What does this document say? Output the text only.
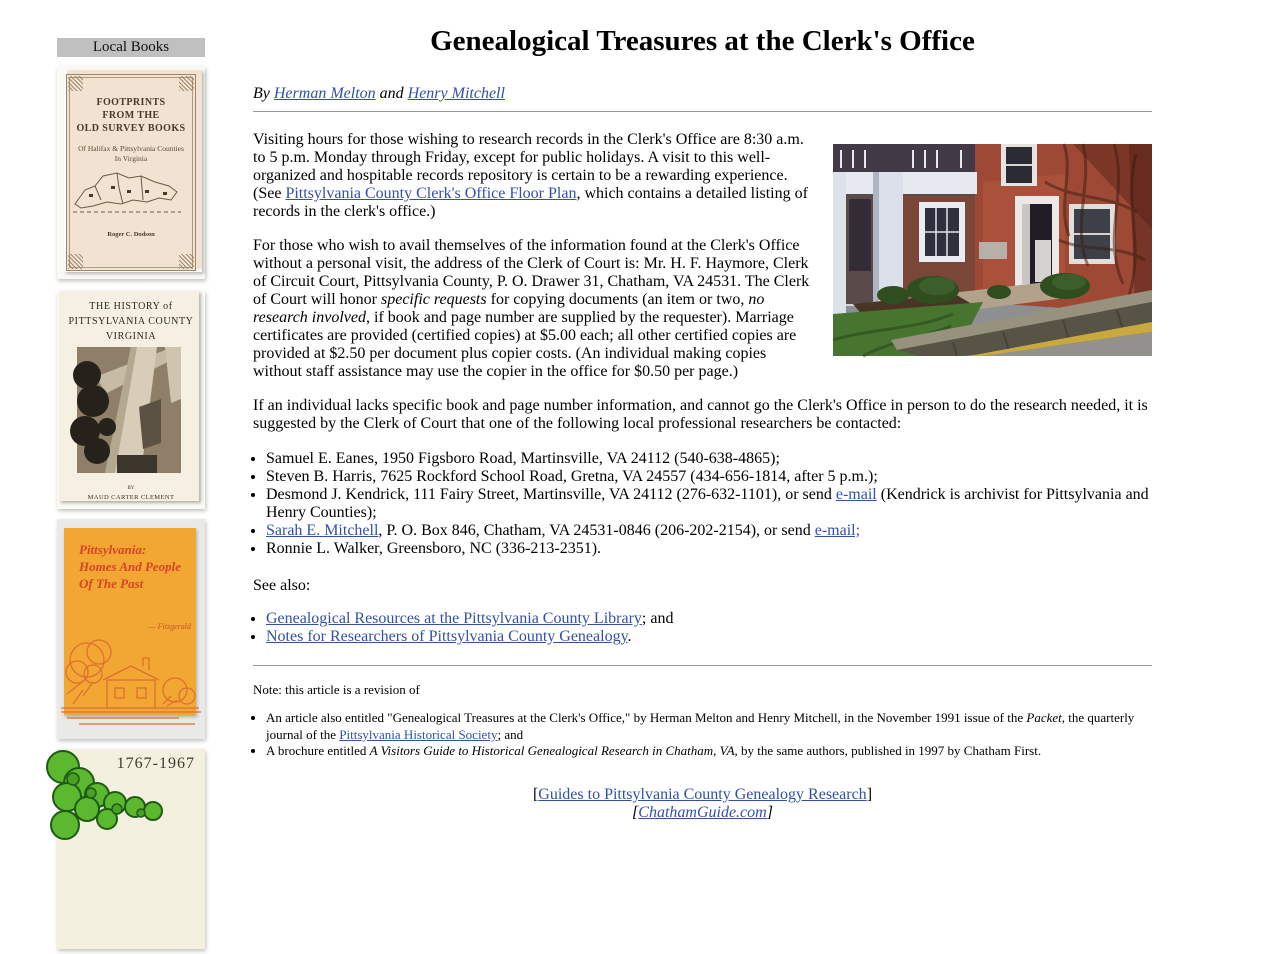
Local Books
FOOTPRINTS
FROM THE
OLD SURVEY BOOKS
Of Halifax & Pittsylvania Counties
In Virginia
Roger C. Dodson
THE HISTORY of
PITTSYLVANIA COUNTY
VIRGINIA
BY
MAUD CARTER CLEMENT
Pittsylvania:
Homes And People
Of The Past
— Fitzgerald
1767-1967
Genealogical Treasures at the Clerk's Office

By Herman Melton and Henry Mitchell

Visiting hours for those wishing to research records in the Clerk's Office are 8:30 a.m. to 5 p.m. Monday through Friday, except for public holidays. A visit to this well-organized and hospitable records repository is certain to be a rewarding experience. (See Pittsylvania County Clerk's Office Floor Plan, which contains a detailed listing of records in the clerk's office.)

For those who wish to avail themselves of the information found at the Clerk's Office without a personal visit, the address of the Clerk of Court is: Mr. H. F. Haymore, Clerk of Circuit Court, Pittsylvania County, P. O. Drawer 31, Chatham, VA 24531. The Clerk of Court will honor specific requests for copying documents (an item or two, no research involved, if book and page number are supplied by the requester). Marriage certificates are provided (certified copies) at $5.00 each; all other certified copies are provided at $2.50 per document plus copier costs. (An individual making copies without staff assistance may use the copier in the office for $0.50 per page.)

If an individual lacks specific book and page number information, and cannot go the Clerk's Office in person to do the research needed, it is suggested by the Clerk of Court that one of the following local professional researchers be contacted:

• Samuel E. Eanes, 1950 Figsboro Road, Martinsville, VA 24112 (540-638-4865);
• Steven B. Harris, 7625 Rockford School Road, Gretna, VA 24557 (434-656-1814, after 5 p.m.);
• Desmond J. Kendrick, 111 Fairy Street, Martinsville, VA 24112 (276-632-1101), or send e-mail (Kendrick is archivist for Pittsylvania and Henry Counties);
• Sarah E. Mitchell, P. O. Box 846, Chatham, VA 24531-0846 (206-202-2154), or send e-mail;
• Ronnie L. Walker, Greensboro, NC (336-213-2351).

See also:

• Genealogical Resources at the Pittsylvania County Library; and
• Notes for Researchers of Pittsylvania County Genealogy.

Note: this article is a revision of

• An article also entitled "Genealogical Treasures at the Clerk's Office," by Herman Melton and Henry Mitchell, in the November 1991 issue of the Packet, the quarterly journal of the Pittsylvania Historical Society; and
• A brochure entitled A Visitors Guide to Historical Genealogical Research in Chatham, VA, by the same authors, published in 1997 by Chatham First.
[Guides to Pittsylvania County Genealogy Research]
[ChathamGuide.com]
